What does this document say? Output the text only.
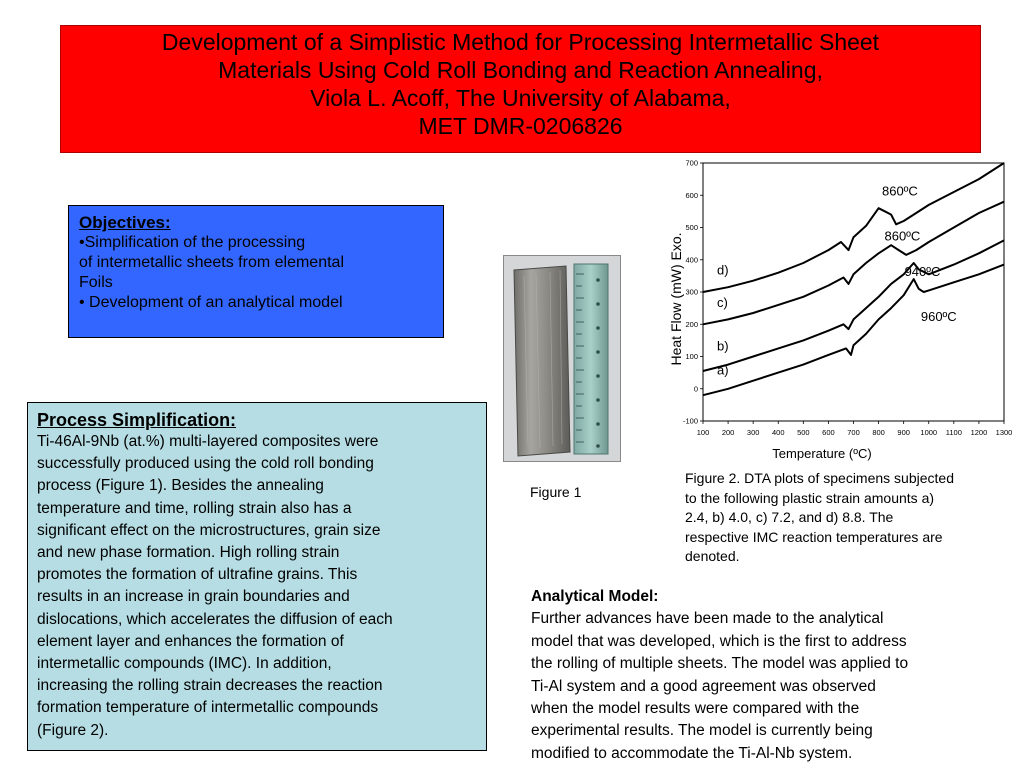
Development of a Simplistic Method for Processing Intermetallic Sheet
Materials Using Cold Roll Bonding and Reaction Annealing,
Viola L. Acoff, The University of Alabama,
MET DMR-0206826
Objectives:
•Simplification of the processing
of intermetallic sheets from elemental
Foils
• Development of an analytical model
Process Simplification:
Ti-46Al-9Nb (at.%) multi-layered composites were
successfully produced using the cold roll bonding
process (Figure 1). Besides the annealing
temperature and time, rolling strain also has a
significant effect on the microstructures, grain size
and new phase formation. High rolling strain
promotes the formation of ultrafine grains. This
results in an increase in grain boundaries and
dislocations, which accelerates the diffusion of each
element layer and enhances the formation of
intermetallic compounds (IMC). In addition,
increasing the rolling strain decreases the reaction
formation temperature of intermetallic compounds
(Figure 2).
Figure 1
100 200 300 400 500 600 700 800 900 1000 1100 1200 1300
-100
0
100
200
300
400
500
600
700
d)
c)
b)
a)
860ºC
860ºC
940ºC
960ºC
Temperature (ºC)
Heat Flow (mW) Exo.
Figure 2. DTA plots of specimens subjected
to the following plastic strain amounts a)
2.4, b) 4.0, c) 7.2, and d) 8.8. The
respective IMC reaction temperatures are
denoted.
Analytical Model:
Further advances have been made to the analytical
model that was developed, which is the first to address
the rolling of multiple sheets. The model was applied to
Ti-Al system and a good agreement was observed
when the model results were compared with the
experimental results. The model is currently being
modified to accommodate the Ti-Al-Nb system.
